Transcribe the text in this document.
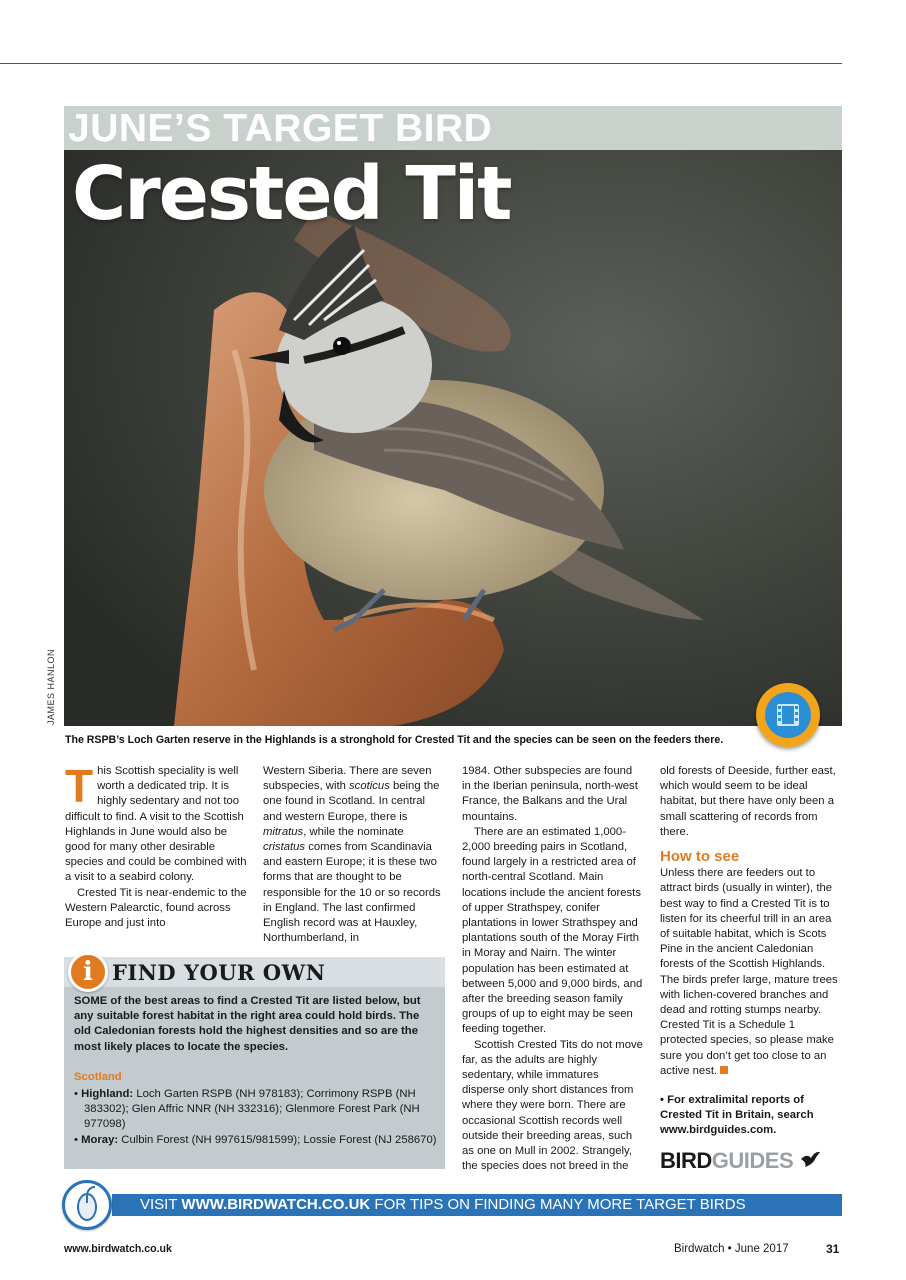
JUNE’S TARGET BIRD
Crested Tit
JAMES HANLON
The RSPB’s Loch Garten reserve in the Highlands is a stronghold for Crested Tit and the species can be seen on the feeders there.

This Scottish speciality is well worth a dedicated trip. It is highly sedentary and not too difficult to find. A visit to the Scottish Highlands in June would also be good for many other desirable species and could be combined with a visit to a seabird colony.

Crested Tit is near-endemic to the Western Palearctic, found across Europe and just into

Western Siberia. There are seven subspecies, with scoticus being the one found in Scotland. In central and western Europe, there is mitratus, while the nominate cristatus comes from Scandinavia and eastern Europe; it is these two forms that are thought to be responsible for the 10 or so records in England. The last confirmed English record was at Hauxley, Northumberland, in

1984. Other subspecies are found in the Iberian peninsula, north-west France, the Balkans and the Ural mountains.

There are an estimated 1,000-2,000 breeding pairs in Scotland, found largely in a restricted area of north-central Scotland. Main locations include the ancient forests of upper Strathspey, conifer plantations in lower Strathspey and plantations south of the Moray Firth in Moray and Nairn. The winter population has been estimated at between 5,000 and 9,000 birds, and after the breeding season family groups of up to eight may be seen feeding together.

Scottish Crested Tits do not move far, as the adults are highly sedentary, while immatures disperse only short distances from where they were born. There are occasional Scottish records well outside their breeding areas, such as one on Mull in 2002. Strangely, the species does not breed in the

old forests of Deeside, further east, which would seem to be ideal habitat, but there have only been a small scattering of records from there.

How to see

Unless there are feeders out to attract birds (usually in winter), the best way to find a Crested Tit is to listen for its cheerful trill in an area of suitable habitat, which is Scots Pine in the ancient Caledonian forests of the Scottish Highlands. The birds prefer large, mature trees with lichen-covered branches and dead and rotting stumps nearby. Crested Tit is a Schedule 1 protected species, so please make sure you don’t get too close to an active nest.

• For extralimital reports of Crested Tit in Britain, search www.birdguides.com.

i FIND YOUR OWN
SOME of the best areas to find a Crested Tit are listed below, but any suitable forest habitat in the right area could hold birds. The old Caledonian forests hold the highest densities and so are the most likely places to locate the species.
Scotland
• Highland: Loch Garten RSPB (NH 978183); Corrimony RSPB (NH 383302); Glen Affric NNR (NH 332316); Glenmore Forest Park (NH 977098)
• Moray: Culbin Forest (NH 997615/981599); Lossie Forest (NJ 258670)
BIRDGUIDES
VISIT WWW.BIRDWATCH.CO.UK FOR TIPS ON FINDING MANY MORE TARGET BIRDS
www.birdwatch.co.uk	Birdwatch • June 2017	31
